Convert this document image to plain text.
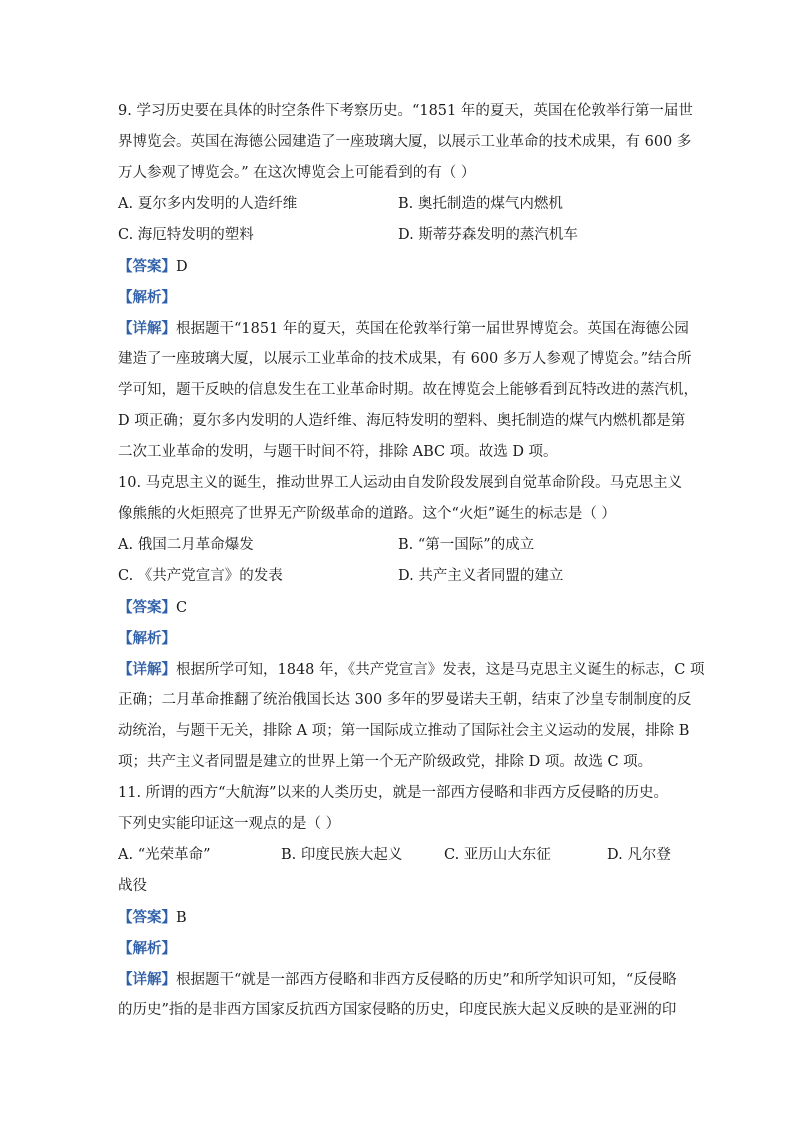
9. 学习历史要在具体的时空条件下考察历史。“1851 年的夏天，英国在伦敦举行第一届世
界博览会。英国在海德公园建造了一座玻璃大厦，以展示工业革命的技术成果，有 600 多
万人参观了博览会。” 在这次博览会上可能看到的有（ ）
A. 夏尔多内发明的人造纤维	B. 奥托制造的煤气内燃机
C. 海厄特发明的塑料	D. 斯蒂芬森发明的蒸汽机车
【答案】D
【解析】
【详解】根据题干“1851 年的夏天，英国在伦敦举行第一届世界博览会。英国在海德公园
建造了一座玻璃大厦，以展示工业革命的技术成果，有 600 多万人参观了博览会。”结合所
学可知，题干反映的信息发生在工业革命时期。故在博览会上能够看到瓦特改进的蒸汽机，
D 项正确；夏尔多内发明的人造纤维、海厄特发明的塑料、奥托制造的煤气内燃机都是第
二次工业革命的发明，与题干时间不符，排除 ABC 项。故选 D 项。
10. 马克思主义的诞生，推动世界工人运动由自发阶段发展到自觉革命阶段。马克思主义
像熊熊的火炬照亮了世界无产阶级革命的道路。这个“火炬”诞生的标志是（ ）
A. 俄国二月革命爆发	B. “第一国际”的成立
C. 《共产党宣言》的发表	D. 共产主义者同盟的建立
【答案】C
【解析】
【详解】根据所学可知，1848 年，《共产党宣言》发表，这是马克思主义诞生的标志，C 项
正确；二月革命推翻了统治俄国长达 300 多年的罗曼诺夫王朝，结束了沙皇专制制度的反
动统治，与题干无关，排除 A 项；第一国际成立推动了国际社会主义运动的发展，排除 B
项；共产主义者同盟是建立的世界上第一个无产阶级政党，排除 D 项。故选 C 项。
11. 所谓的西方“大航海”以来的人类历史，就是一部西方侵略和非西方反侵略的历史。
下列史实能印证这一观点的是（ ）
A. “光荣革命”	B. 印度民族大起义	C. 亚历山大东征	D. 凡尔登
战役
【答案】B
【解析】
【详解】根据题干“就是一部西方侵略和非西方反侵略的历史”和所学知识可知，“反侵略
的历史”指的是非西方国家反抗西方国家侵略的历史，印度民族大起义反映的是亚洲的印
